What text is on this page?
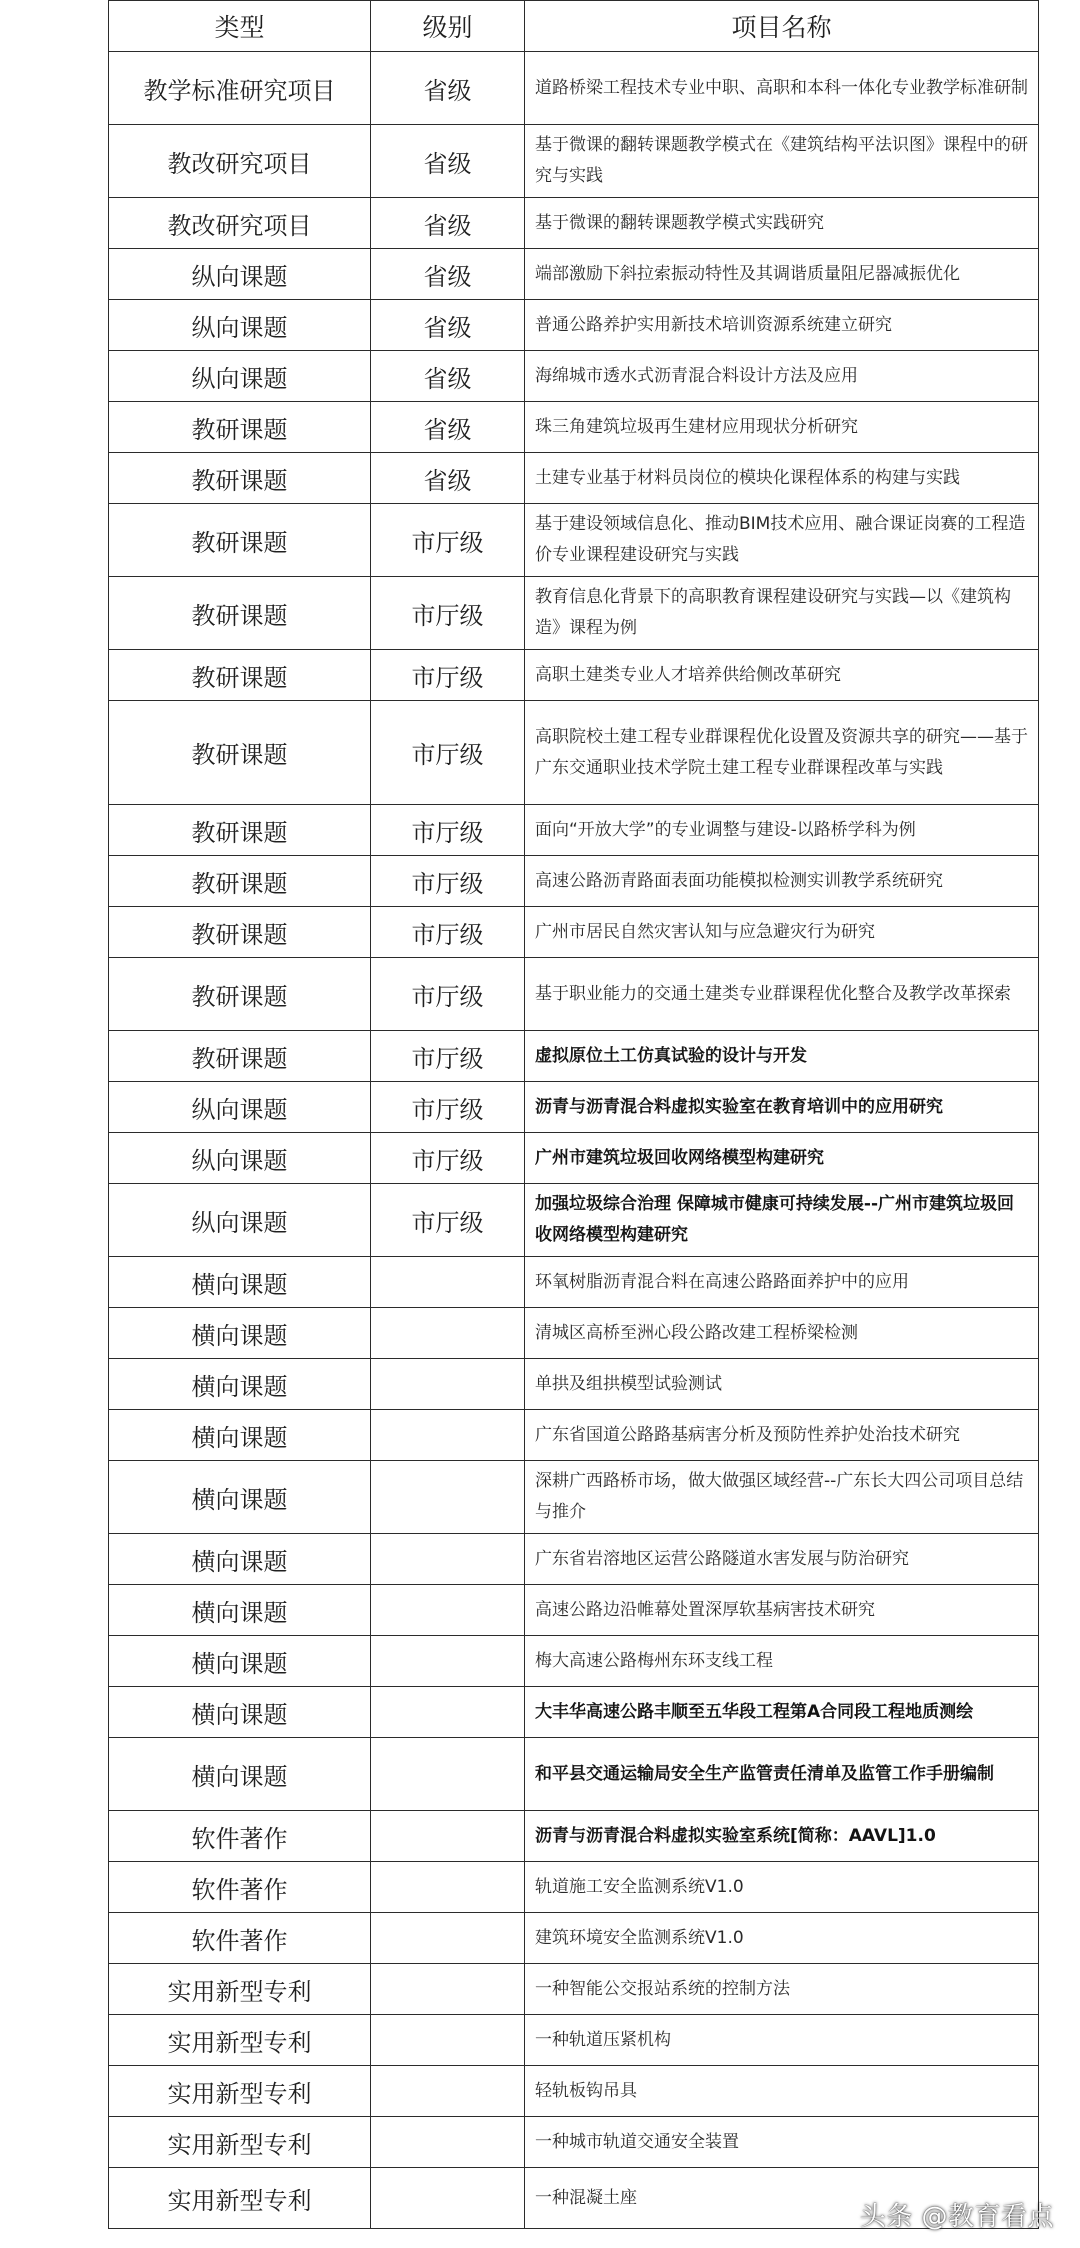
类型	级别	项目名称
教学标准研究项目	省级	道路桥梁工程技术专业中职、高职和本科一体化专业教学标准研制
教改研究项目	省级	基于微课的翻转课题教学模式在《建筑结构平法识图》课程中的研究与实践
教改研究项目	省级	基于微课的翻转课题教学模式实践研究
纵向课题	省级	端部激励下斜拉索振动特性及其调谐质量阻尼器减振优化
纵向课题	省级	普通公路养护实用新技术培训资源系统建立研究
纵向课题	省级	海绵城市透水式沥青混合料设计方法及应用
教研课题	省级	珠三角建筑垃圾再生建材应用现状分析研究
教研课题	省级	土建专业基于材料员岗位的模块化课程体系的构建与实践
教研课题	市厅级	基于建设领域信息化、推动BIM技术应用、融合课证岗赛的工程造价专业课程建设研究与实践
教研课题	市厅级	教育信息化背景下的高职教育课程建设研究与实践—以《建筑构造》课程为例
教研课题	市厅级	高职土建类专业人才培养供给侧改革研究
教研课题	市厅级	高职院校土建工程专业群课程优化设置及资源共享的研究——基于广东交通职业技术学院土建工程专业群课程改革与实践
教研课题	市厅级	面向“开放大学”的专业调整与建设-以路桥学科为例
教研课题	市厅级	高速公路沥青路面表面功能模拟检测实训教学系统研究
教研课题	市厅级	广州市居民自然灾害认知与应急避灾行为研究
教研课题	市厅级	基于职业能力的交通土建类专业群课程优化整合及教学改革探索
教研课题	市厅级	虚拟原位土工仿真试验的设计与开发
纵向课题	市厅级	沥青与沥青混合料虚拟实验室在教育培训中的应用研究
纵向课题	市厅级	广州市建筑垃圾回收网络模型构建研究
纵向课题	市厅级	加强垃圾综合治理 保障城市健康可持续发展--广州市建筑垃圾回收网络模型构建研究
横向课题		环氧树脂沥青混合料在高速公路路面养护中的应用
横向课题		清城区高桥至洲心段公路改建工程桥梁检测
横向课题		单拱及组拱模型试验测试
横向课题		广东省国道公路路基病害分析及预防性养护处治技术研究
横向课题		深耕广西路桥市场，做大做强区域经营--广东长大四公司项目总结与推介
横向课题		广东省岩溶地区运营公路隧道水害发展与防治研究
横向课题		高速公路边沿帷幕处置深厚软基病害技术研究
横向课题		梅大高速公路梅州东环支线工程
横向课题		大丰华高速公路丰顺至五华段工程第A合同段工程地质测绘
横向课题		和平县交通运输局安全生产监管责任清单及监管工作手册编制
软件著作		沥青与沥青混合料虚拟实验室系统[简称：AAVL]1.0
软件著作		轨道施工安全监测系统V1.0
软件著作		建筑环境安全监测系统V1.0
实用新型专利		一种智能公交报站系统的控制方法
实用新型专利		一种轨道压紧机构
实用新型专利		轻轨板钩吊具
实用新型专利		一种城市轨道交通安全装置
实用新型专利		一种混凝土座
头条 @教育看点
